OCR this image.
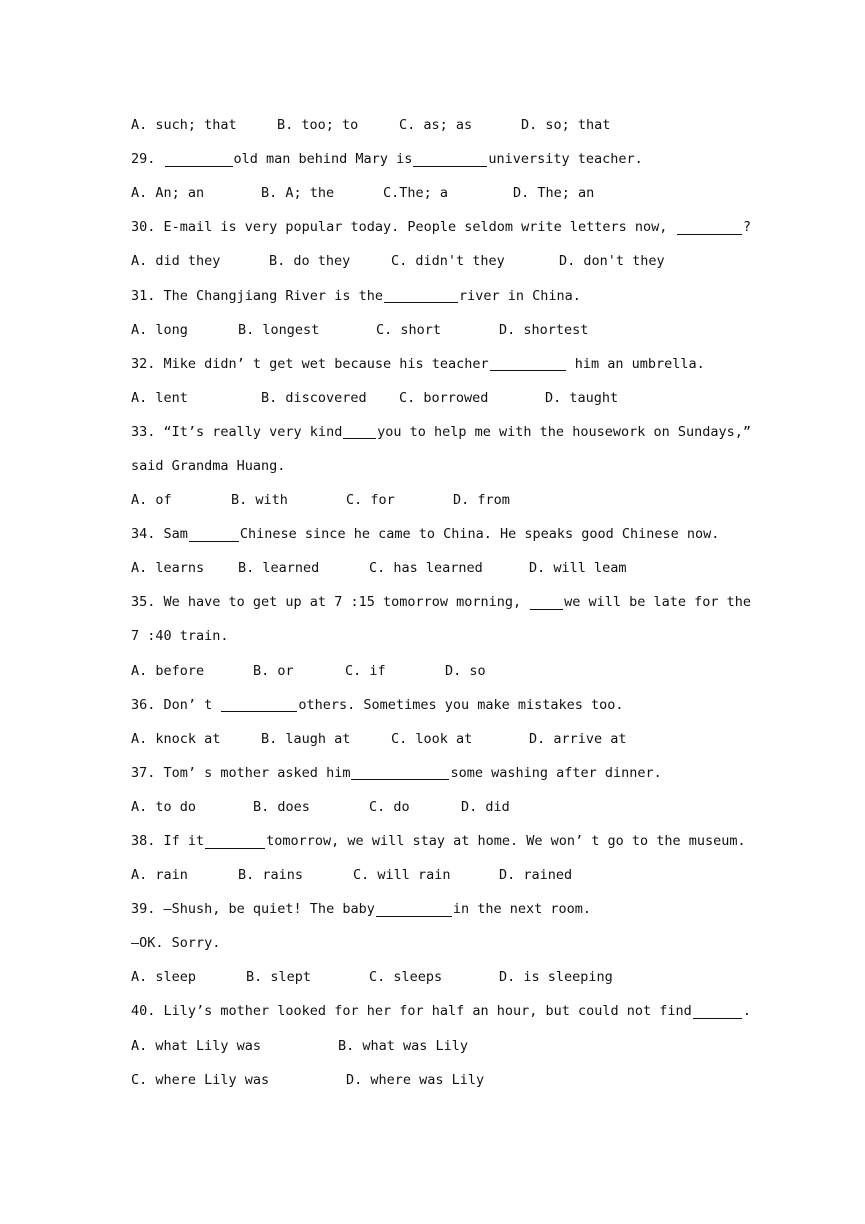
A. such; that	B. too; to	C. as; as	D. so; that
29.	old man behind Mary is	university teacher.
A. An; an	B. A; the	C.The; a	D. The; an
30. E-mail is very popular today. People seldom write letters now,	?
A. did they	B. do they	C. didn't they	D. don't they
31. The Changjiang River is the	river in China.
A. long	B. longest	C. short	D. shortest
32. Mike didn’ t get wet because his teacher	him an umbrella.
A. lent	B. discovered C. borrowed	D. taught
33. “It’s really very kind	you to help me with the housework on Sundays,”
said Grandma Huang.
A. of	B. with	C. for	D. from
34. Sam	Chinese since he came to China. He speaks good Chinese now.
A. learns	B. learned	C. has learned	D. will leam
35. We have to get up at 7 :15 tomorrow morning,	we will be late for the
7 :40 train.
A. before	B. or	C. if	D. so
36. Don’ t	others. Sometimes you make mistakes too.
A. knock at	B. laugh at	C. look at	D. arrive at
37. Tom’ s mother asked him	some washing after dinner.
A. to do	B. does	C. do	D. did
38. If it	tomorrow, we will stay at home. We won’ t go to the museum.
A. rain	B. rains	C. will rain	D. rained
39. —Shush, be quiet! The baby	in the next room.
—OK. Sorry.
A. sleep	B. slept	C. sleeps	D. is sleeping
40. Lily’s mother looked for her for half an hour, but could not find	.
A. what Lily was	B. what was Lily
C. where Lily was	D. where was Lily
